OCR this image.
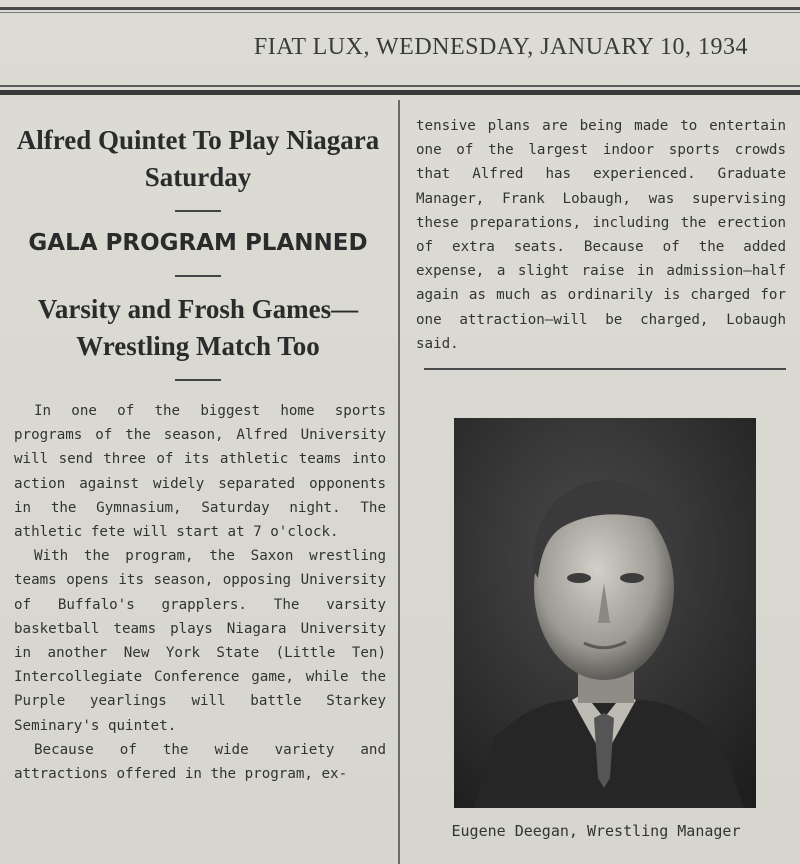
FIAT LUX, WEDNESDAY, JANUARY 10, 1934
Alfred Quintet To Play Niagara Saturday
GALA PROGRAM PLANNED
Varsity and Frosh Games—Wrestling Match Too

In one of the biggest home sports programs of the season, Alfred University will send three of its athletic teams into action against widely separated opponents in the Gymnasium, Saturday night. The athletic fete will start at 7 o'clock.

With the program, the Saxon wrestling teams opens its season, opposing University of Buffalo's grapplers. The varsity basketball teams plays Niagara University in another New York State (Little Ten) Intercollegiate Conference game, while the Purple yearlings will battle Starkey Seminary's quintet.

Because of the wide variety and attractions offered in the program, ex-

tensive plans are being made to entertain one of the largest indoor sports crowds that Alfred has experienced. Graduate Manager, Frank Lobaugh, was supervising these preparations, including the erection of extra seats. Because of the added expense, a slight raise in admission—half again as much as ordinarily is charged for one attraction—will be charged, Lobaugh said.

Eugene Deegan, Wrestling Manager
